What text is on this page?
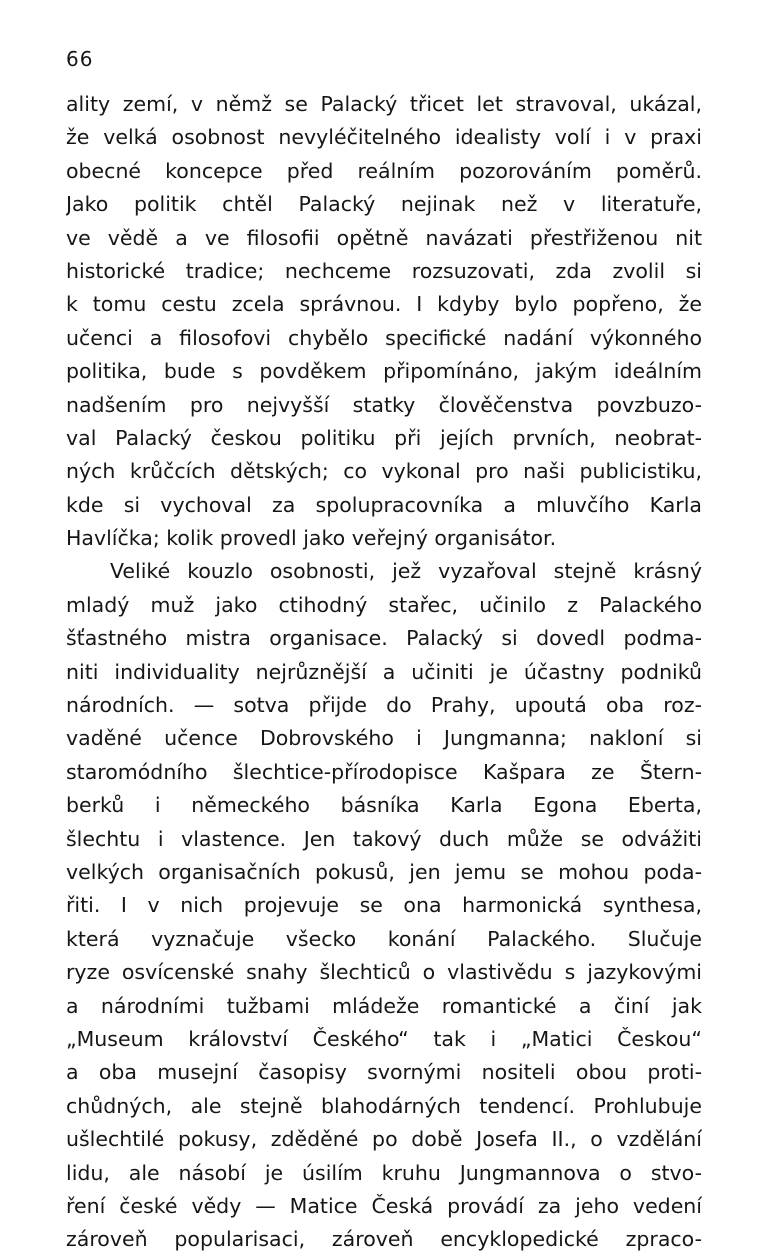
66
ality zemí, v němž se Palacký třicet let stravoval, ukázal,
že velká osobnost nevyléčitelného idealisty volí i v praxi
obecné koncepce před reálním pozorováním poměrů.
Jako politik chtěl Palacký nejinak než v literatuře,
ve vědě a ve filosofii opětně navázati přestřiženou nit
historické tradice; nechceme rozsuzovati, zda zvolil si
k tomu cestu zcela správnou. I kdyby bylo popřeno, že
učenci a filosofovi chybělo specifické nadání výkonného
politika, bude s povděkem připomínáno, jakým ideálním
nadšením pro nejvyšší statky člověčenstva povzbuzo-
val Palacký českou politiku při jejích prvních, neobrat-
ných krůčcích dětských; co vykonal pro naši publicistiku,
kde si vychoval za spolupracovníka a mluvčího Karla
Havlíčka; kolik provedl jako veřejný organisátor.
Veliké kouzlo osobnosti, jež vyzařoval stejně krásný
mladý muž jako ctihodný stařec, učinilo z Palackého
šťastného mistra organisace. Palacký si dovedl podma-
niti individuality nejrůznější a učiniti je účastny podniků
národních. — sotva přijde do Prahy, upoutá oba roz-
vaděné učence Dobrovského i Jungmanna; nakloní si
staromódního šlechtice-přírodopisce Kašpara ze Štern-
berků i německého básníka Karla Egona Eberta,
šlechtu i vlastence. Jen takový duch může se odvážiti
velkých organisačních pokusů, jen jemu se mohou poda-
řiti. I v nich projevuje se ona harmonická synthesa,
která vyznačuje všecko konání Palackého. Slučuje
ryze osvícenské snahy šlechticů o vlastivědu s jazykovými
a národními tužbami mládeže romantické a činí jak
„Museum království Českého“ tak i „Matici Českou“
a oba musejní časopisy svornými nositeli obou proti-
chůdných, ale stejně blahodárných tendencí. Prohlubuje
ušlechtilé pokusy, zděděné po době Josefa II., o vzdělání
lidu, ale násobí je úsilím kruhu Jungmannova o stvo-
ření české vědy — Matice Česká provádí za jeho vedení
zároveň popularisaci, zároveň encyklopedické zpraco-
